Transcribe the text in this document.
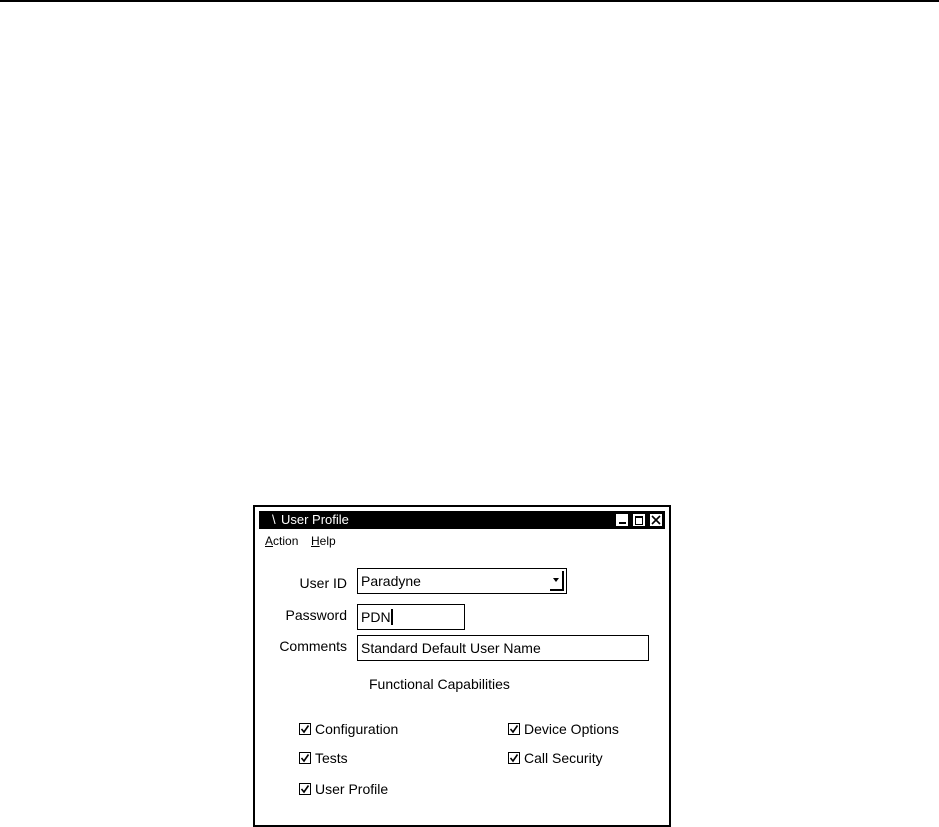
\ User Profile
Action Help
User ID Paradyne
Password PDN
Comments Standard Default User Name
Functional Capabilities
Configuration
Tests
User Profile
Device Options
Call Security
